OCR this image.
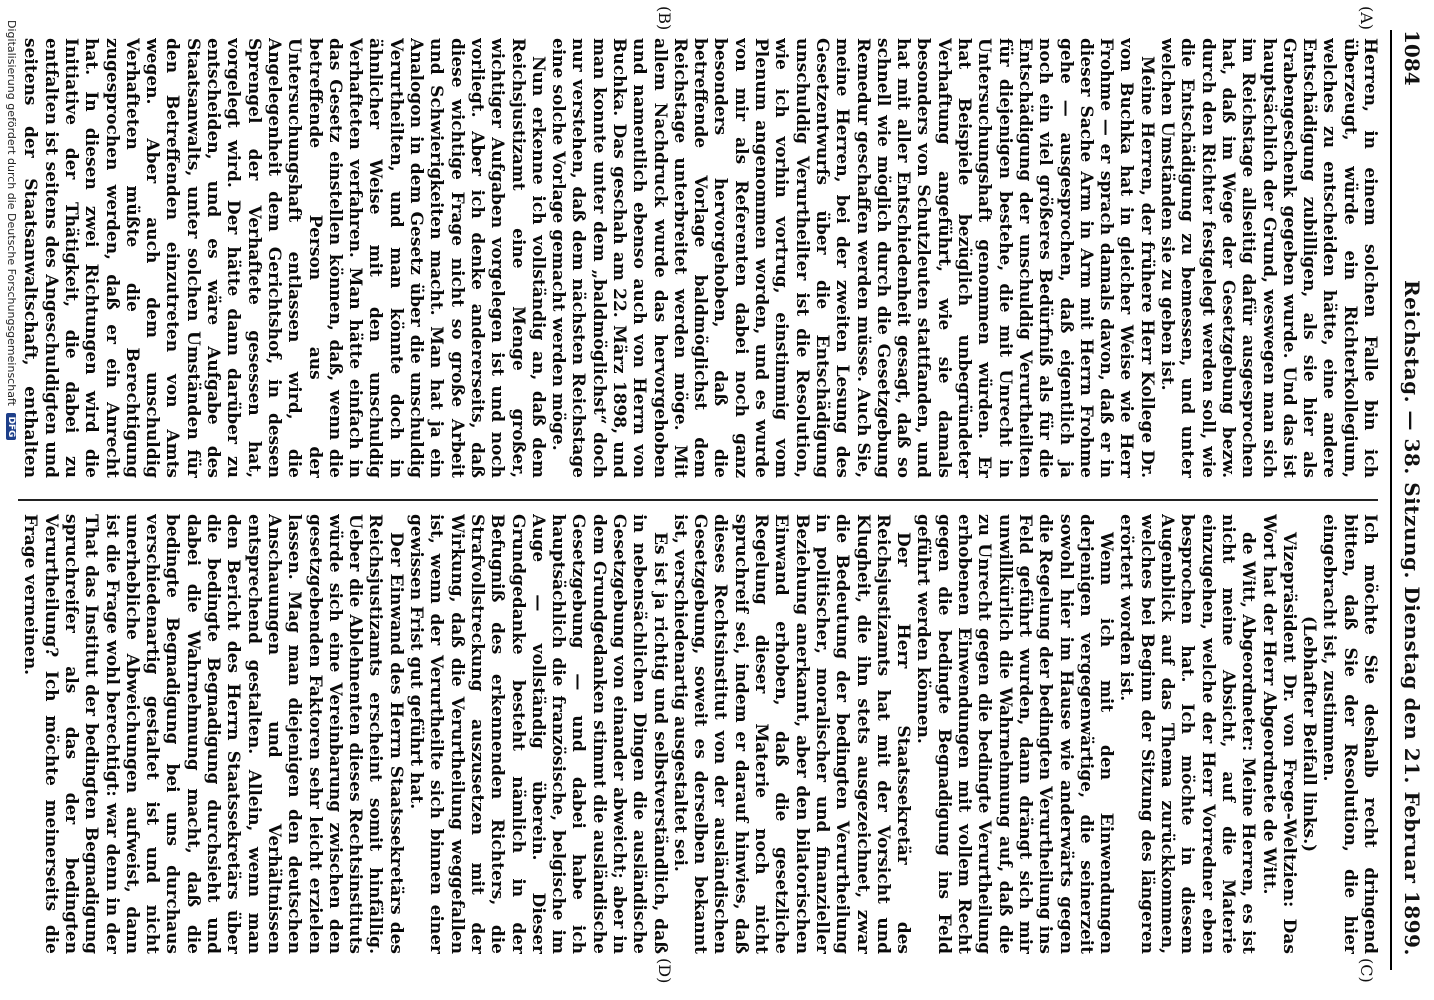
1084
Reichstag. — 38. Sitzung. Dienstag den 21. Februar 1899.
(A)
(B)
(C)
(D)

Herren, in einem solchen Falle bin ich überzeugt, würde ein Richterkollegium, welches zu entscheiden hätte, eine andere Entschädigung zubilligen, als sie hier als Grabengeschenk gegeben wurde. Und das ist hauptsächlich der Grund, weswegen man sich im Reichstage allseitig dafür ausgesprochen hat, daß im Wege der Gesetzgebung bezw. durch den Richter festgelegt werden soll, wie die Entschädigung zu bemessen, und unter welchen Umständen sie zu geben ist.

Meine Herren, der frühere Herr Kollege Dr. von Buchka hat in gleicher Weise wie Herr Frohme — er sprach damals davon, daß er in dieser Sache Arm in Arm mit Herrn Frohme gehe — ausgesprochen, daß eigentlich ja noch ein viel größeres Bedürfniß als für die Entschädigung der unschuldig Verurtheilten für diejenigen bestehe, die mit Unrecht in Untersuchungshaft genommen würden. Er hat Beispiele bezüglich unbegründeter Verhaftung angeführt, wie sie damals besonders von Schutzleuten stattfanden, und hat mit aller Entschiedenheit gesagt, daß so schnell wie möglich durch die Gesetzgebung Remedur geschaffen werden müsse. Auch Sie, meine Herren, bei der zweiten Lesung des Gesetzentwurfs über die Entschädigung unschuldig Verurtheilter ist die Resolution, wie ich vorhin vortrug, einstimmig vom Plenum angenommen worden, und es wurde von mir als Referenten dabei noch ganz besonders hervorgehoben, daß die betreffende Vorlage baldmöglichst dem Reichstage unterbreitet werden möge. Mit allem Nachdruck wurde das hervorgehoben und namentlich ebenso auch von Herrn von Buchka. Das geschah am 22. März 1898, und man konnte unter dem „baldmöglichst“ doch nur verstehen, daß dem nächsten Reichstage eine solche Vorlage gemacht werden möge.

Nun erkenne ich vollständig an, daß dem Reichsjustizamt eine Menge großer, wichtiger Aufgaben vorgelegen ist und noch vorliegt. Aber ich denke andererseits, daß diese wichtige Frage nicht so große Arbeit und Schwierigkeiten macht. Man hat ja ein Analogon in dem Gesetz über die unschuldig Verurtheilten, und man könnte doch in ähnlicher Weise mit den unschuldig Verhafteten verfahren. Man hätte einfach in das Gesetz einstellen können, daß, wenn die betreffende Person aus der Untersuchungshaft entlassen wird, die Angelegenheit dem Gerichtshof, in dessen Sprengel der Verhaftete gesessen hat, vorgelegt wird. Der hätte dann darüber zu entscheiden, und es wäre Aufgabe des Staatsanwalts, unter solchen Umständen für den Betreffenden einzutreten von Amts wegen. Aber auch dem unschuldig Verhafteten müßte die Berechtigung zugesprochen werden, daß er ein Anrecht hat. In diesen zwei Richtungen wird die Initiative der Thätigkeit, die dabei zu entfalten ist seitens des Angeschuldigten und seitens der Staatsanwaltschaft, enthalten

Ich möchte Sie deshalb recht dringend bitten, daß Sie der Resolution, die hier eingebracht ist, zustimmen.

(Lebhafter Beifall links.)

Vizepräsident Dr. von Frege-Weltzien: Das Wort hat der Herr Abgeordnete de Witt.

de Witt, Abgeordneter: Meine Herren, es ist nicht meine Absicht, auf die Materie einzugehen, welche der Herr Vorredner eben besprochen hat. Ich möchte in diesem Augenblick auf das Thema zurückkommen, welches bei Beginn der Sitzung des längeren erörtert worden ist.

Wenn ich mit den Einwendungen derjenigen vergegenwärtige, die seinerzeit sowohl hier im Hause wie anderwärts gegen die Regelung der bedingten Verurtheilung ins Feld geführt wurden, dann drängt sich mir unwillkürlich die Wahrnehmung auf, daß die zu Unrecht gegen die bedingte Verurtheilung erhobenen Einwendungen mit vollem Recht gegen die bedingte Begnadigung ins Feld geführt werden können.

Der Herr Staatssekretär des Reichsjustizamts hat mit der Vorsicht und Klugheit, die ihn stets ausgezeichnet, zwar die Bedeutung der bedingten Verurtheilung in politischer, moralischer und finanzieller Beziehung anerkannt, aber den bilatorischen Einwand erhoben, daß die gesetzliche Regelung dieser Materie noch nicht spruchreif sei, indem er darauf hinwies, daß dieses Rechtsinstitut von der ausländischen Gesetzgebung, soweit es derselben bekannt ist, verschiedenartig ausgestaltet sei.

Es ist ja richtig und selbstverständlich, daß in nebensächlichen Dingen die ausländische Gesetzgebung von einander abweicht; aber in dem Grundgedanken stimmt die ausländische Gesetzgebung — und dabei habe ich hauptsächlich die französische, belgische im Auge — vollständig überein. Dieser Grundgedanke besteht nämlich in der Befugniß des erkennenden Richters, die Strafvollstreckung auszusetzen mit der Wirkung, daß die Verurtheilung weggefallen ist, wenn der Verurtheilte sich binnen einer gewissen Frist gut geführt hat.

Der Einwand des Herrn Staatssekretärs des Reichsjustizamts erscheint somit hinfällig. Ueber die Ablehnenten dieses Rechtsinstituts würde sich eine Vereinbarung zwischen den gesetzgebenden Faktoren sehr leicht erzielen lassen. Mag man diejenigen den deutschen Anschauungen und Verhältnissen entsprechend gestalten. Allein, wenn man den Bericht des Herrn Staatssekretärs über die bedingte Begnadigung durchsieht und dabei die Wahrnehmung macht, daß die bedingte Begnadigung bei uns durchaus verschiedenartig gestaltet ist und nicht unerhebliche Abweichungen aufweist, dann ist die Frage wohl berechtigt: war denn in der That das Institut der bedingten Begnadigung spruchreifer als das der bedingten Verurtheilung? Ich möchte meinerseits die Frage verneinen.

Digitalisierung gefördert durch die Deutsche Forschungsgemeinschaft DFG
